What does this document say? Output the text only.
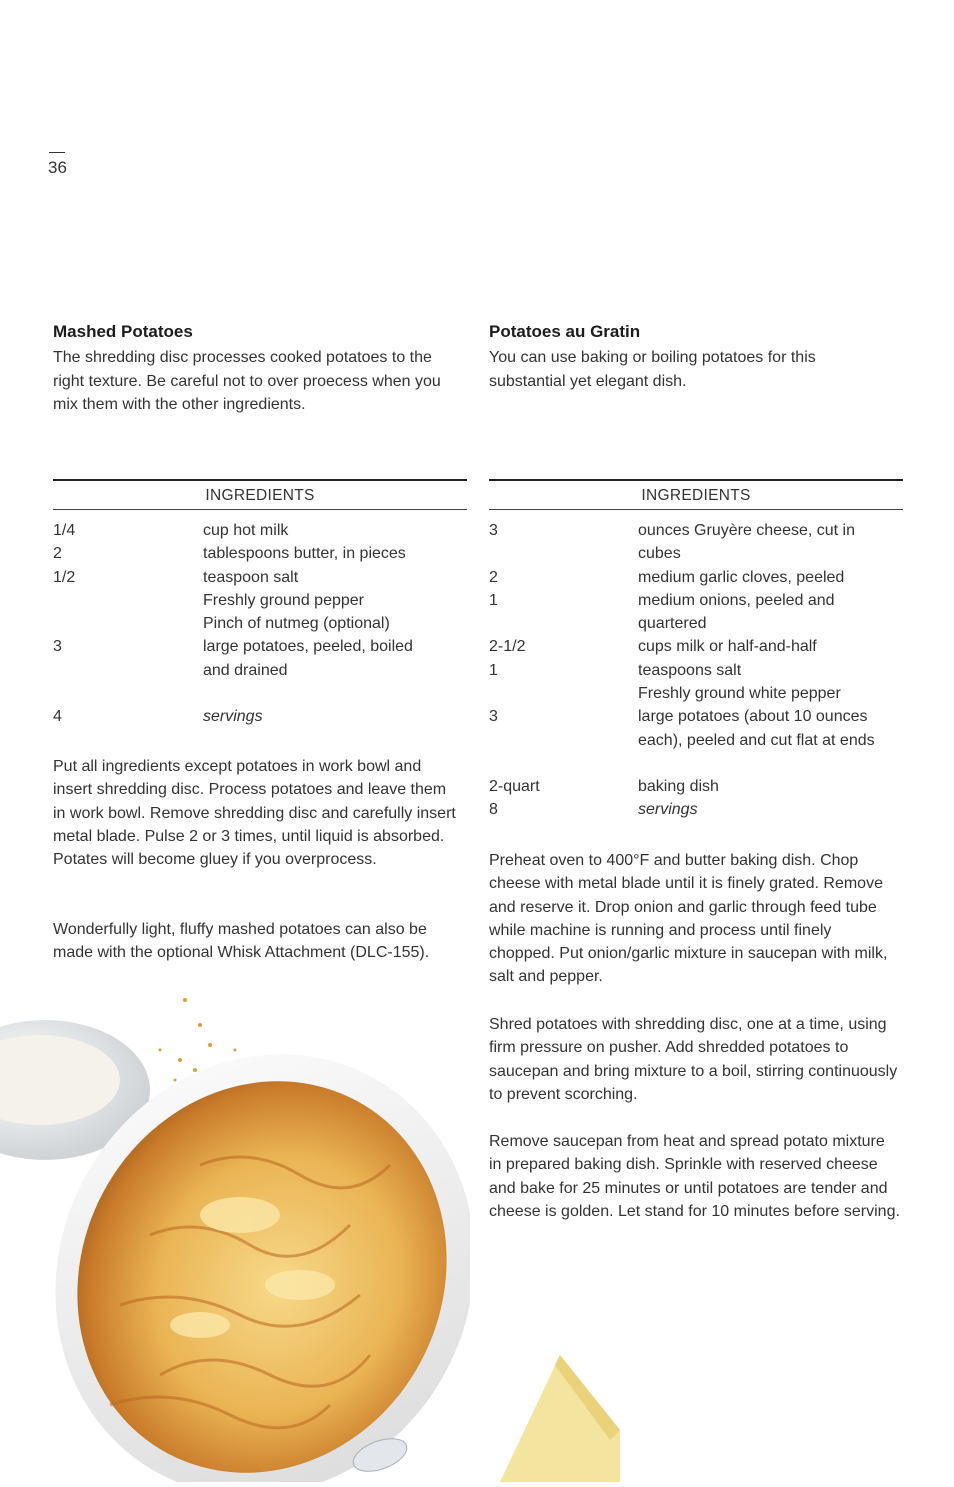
36
Mashed Potatoes
The shredding disc processes cooked potatoes to the right texture. Be careful not to over proecess when you mix them with the other ingredients.
INGREDIENTS
1/4	cup hot milk
2	tablespoons butter, in pieces
1/2	teaspoon salt
Freshly ground pepper
Pinch of nutmeg (optional)
3	large potatoes, peeled, boiled and drained
4	servings
Put all ingredients except potatoes in work bowl and insert shredding disc. Process potatoes and leave them in work bowl. Remove shredding disc and carefully insert metal blade. Pulse 2 or 3 times, until liquid is absorbed. Potates will become gluey if you overprocess.
Wonderfully light, fluffy mashed potatoes can also be made with the optional Whisk Attachment (DLC-155).
Potatoes au Gratin
You can use baking or boiling potatoes for this substantial yet elegant dish.
INGREDIENTS
3	ounces Gruyère cheese, cut in cubes
2	medium garlic cloves, peeled
1	medium onions, peeled and quartered
2-1/2	cups milk or half-and-half
1	teaspoons salt
Freshly ground white pepper
3	large potatoes (about 10 ounces each), peeled and cut flat at ends
2-quart	baking dish
8	servings
Preheat oven to 400°F and butter baking dish. Chop cheese with metal blade until it is finely grated. Remove and reserve it. Drop onion and garlic through feed tube while machine is running and process until finely chopped. Put onion/garlic mixture in saucepan with milk, salt and pepper.
Shred potatoes with shredding disc, one at a time, using firm pressure on pusher. Add shredded potatoes to saucepan and bring mixture to a boil, stirring continuously to prevent scorching.
Remove saucepan from heat and spread potato mixture in prepared baking dish. Sprinkle with reserved cheese and bake for 25 minutes or until potatoes are tender and cheese is golden. Let stand for 10 minutes before serving.
